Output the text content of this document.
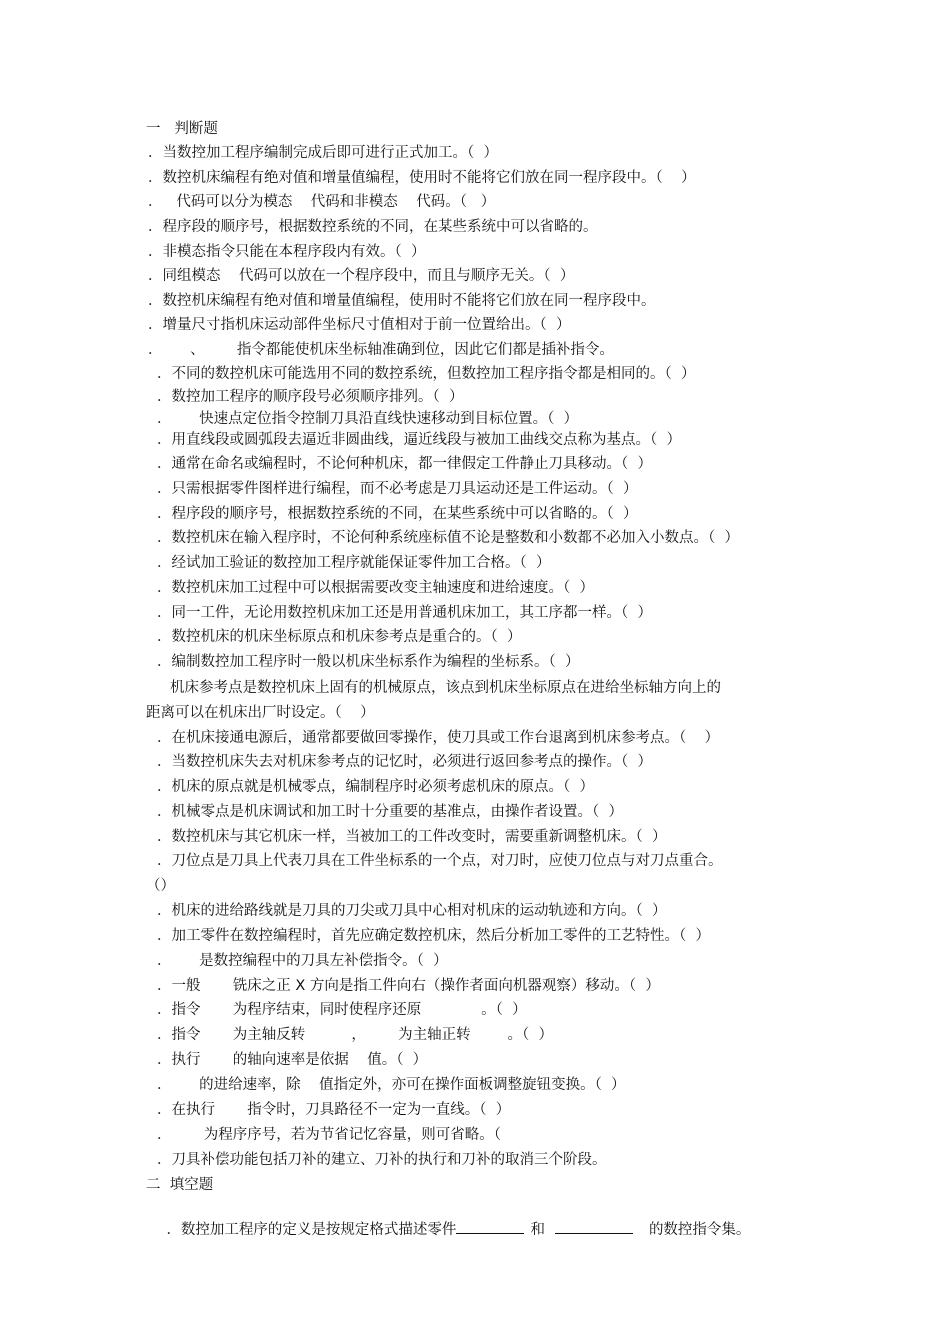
一   判断题
．当数控加工程序编制完成后即可进行正式加工。（  ）
．数控机床编程有绝对值和增量值编程，使用时不能将它们放在同一程序段中。（    ）
．   代码可以分为模态    代码和非模态    代码。（   ）
．程序段的顺序号，根据数控系统的不同，在某些系统中可以省略的。
．非模态指令只能在本程序段内有效。（  ）
．同组模态    代码可以放在一个程序段中，而且与顺序无关。（  ）
．数控机床编程有绝对值和增量值编程，使用时不能将它们放在同一程序段中。
．增量尺寸指机床运动部件坐标尺寸值相对于前一位置给出。（  ）
．      、       指令都能使机床坐标轴准确到位，因此它们都是插补指令。
．不同的数控机床可能选用不同的数控系统，但数控加工程序指令都是相同的。（  ）
．数控加工程序的顺序段号必须顺序排列。（  ）
．      快速点定位指令控制刀具沿直线快速移动到目标位置。（  ）
．用直线段或圆弧段去逼近非圆曲线，逼近线段与被加工曲线交点称为基点。（  ）
．通常在命名或编程时，不论何种机床，都一律假定工件静止刀具移动。（  ）
．只需根据零件图样进行编程，而不必考虑是刀具运动还是工件运动。（  ）
．程序段的顺序号，根据数控系统的不同，在某些系统中可以省略的。（  ）
．数控机床在输入程序时，不论何种系统座标值不论是整数和小数都不必加入小数点。（  ）
．经试加工验证的数控加工程序就能保证零件加工合格。（  ）
．数控机床加工过程中可以根据需要改变主轴速度和进给速度。（  ）
．同一工件，无论用数控机床加工还是用普通机床加工，其工序都一样。（  ）
．数控机床的机床坐标原点和机床参考点是重合的。（  ）
．编制数控加工程序时一般以机床坐标系作为编程的坐标系。（  ）
机床参考点是数控机床上固有的机械原点，该点到机床坐标原点在进给坐标轴方向上的
距离可以在机床出厂时设定。（    ）
．在机床接通电源后，通常都要做回零操作，使刀具或工作台退离到机床参考点。（    ）
．当数控机床失去对机床参考点的记忆时，必须进行返回参考点的操作。（  ）
．机床的原点就是机械零点，编制程序时必须考虑机床的原点。（  ）
．机械零点是机床调试和加工时十分重要的基准点，由操作者设置。（  ）
．数控机床与其它机床一样，当被加工的工件改变时，需要重新调整机床。（  ）
．刀位点是刀具上代表刀具在工件坐标系的一个点，对刀时，应使刀位点与对刀点重合。
（）
．机床的进给路线就是刀具的刀尖或刀具中心相对机床的运动轨迹和方向。（  ）
．加工零件在数控编程时，首先应确定数控机床，然后分析加工零件的工艺特性。（  ）
．      是数控编程中的刀具左补偿指令。（  ）
．一般       铣床之正 X 方向是指工件向右（操作者面向机器观察）移动。（  ）
．指令       为程序结束，同时使程序还原             。（  ）
．指令       为主轴反转          ，       为主轴正转        。（  ）
．执行       的轴向速率是依据    值。（  ）
．      的进给速率，除    值指定外，亦可在操作面板调整旋钮变换。（  ）
．在执行       指令时，刀具路径不一定为一直线。（  ）
．       为程序序号，若为节省记忆容量，则可省略。（
．刀具补偿功能包括刀补的建立、刀补的执行和刀补的取消三个阶段。
二  填空题

．数控加工程序的定义是按规定格式描述零件	和	的数控指令集。
